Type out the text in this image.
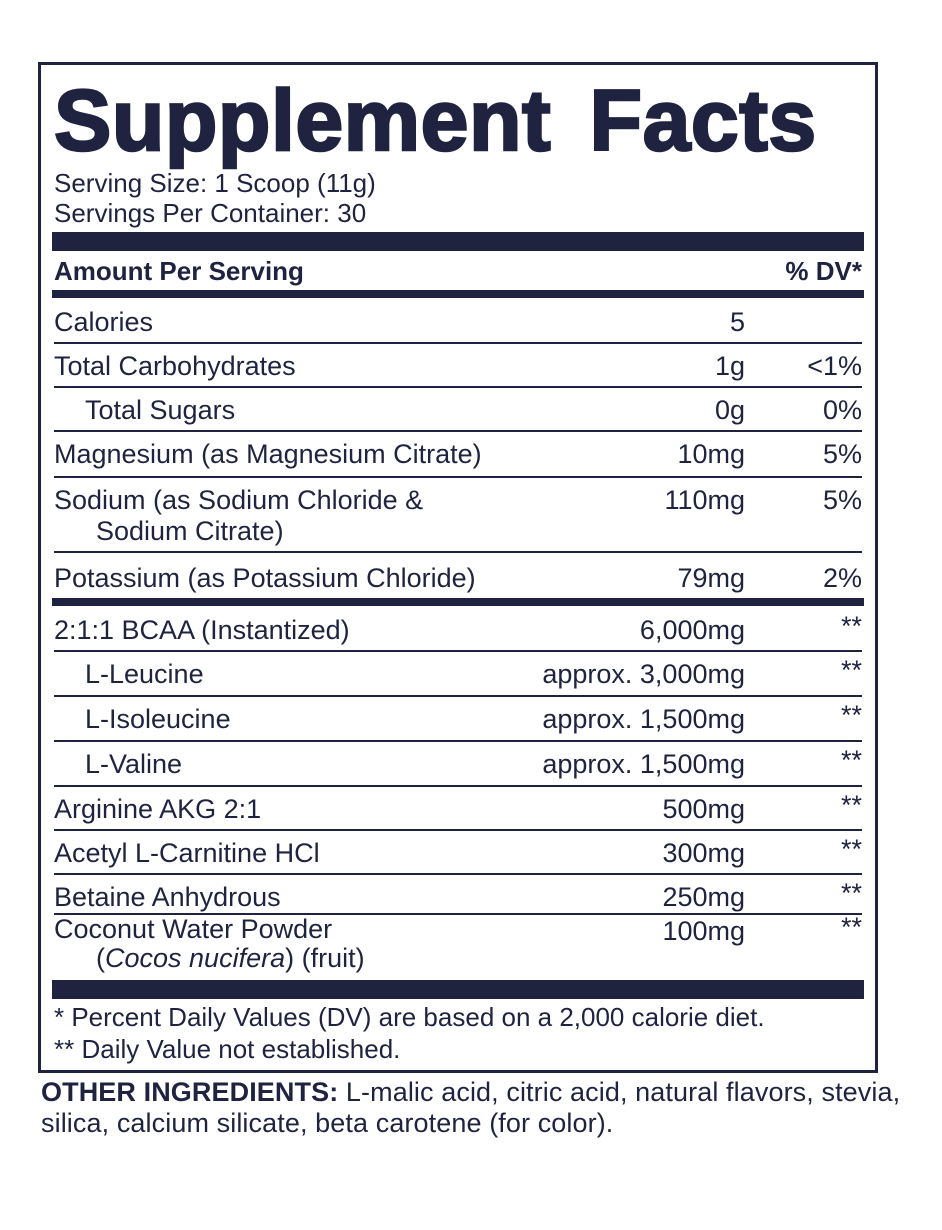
Supplement Facts
Serving Size: 1 Scoop (11g)
Servings Per Container: 30
Amount Per Serving	% DV*
Calories	5
Total Carbohydrates	1g <1%
Total Sugars	0g	0%
Magnesium (as Magnesium Citrate)	10mg	5%
Sodium (as Sodium Chloride &
Sodium Citrate)
110mg	5%
Potassium (as Potassium Chloride)	79mg	2%
2:1:1 BCAA (Instantized)	6,000mg	**
L-Leucine	approx. 3,000mg	**
L-Isoleucine	approx. 1,500mg	**
L-Valine	approx. 1,500mg	**
Arginine AKG 2:1	500mg	**
Acetyl L-Carnitine HCl	300mg	**
Betaine Anhydrous	250mg	**
Coconut Water Powder
(Cocos nucifera) (fruit)
100mg	**
* Percent Daily Values (DV) are based on a 2,000 calorie diet.
** Daily Value not established.
OTHER INGREDIENTS: L-malic acid, citric acid, natural flavors, stevia, silica, calcium silicate, beta carotene (for color).
